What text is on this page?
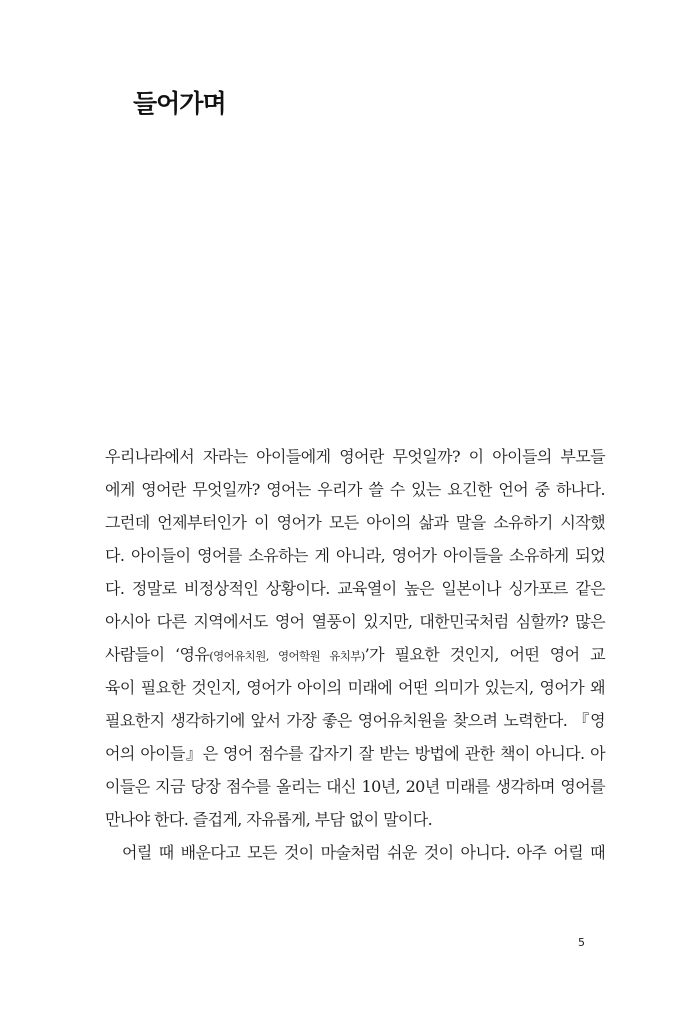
들어가며
우리나라에서 자라는 아이들에게 영어란 무엇일까? 이 아이들의 부모들
에게 영어란 무엇일까? 영어는 우리가 쓸 수 있는 요긴한 언어 중 하나다.
그런데 언제부터인가 이 영어가 모든 아이의 삶과 말을 소유하기 시작했
다. 아이들이 영어를 소유하는 게 아니라, 영어가 아이들을 소유하게 되었
다. 정말로 비정상적인 상황이다. 교육열이 높은 일본이나 싱가포르 같은
아시아 다른 지역에서도 영어 열풍이 있지만, 대한민국처럼 심할까? 많은
사람들이 ‘영유(영어유치원, 영어학원 유치부)’가 필요한 것인지, 어떤 영어 교
육이 필요한 것인지, 영어가 아이의 미래에 어떤 의미가 있는지, 영어가 왜
필요한지 생각하기에 앞서 가장 좋은 영어유치원을 찾으려 노력한다. 『영
어의 아이들』은 영어 점수를 갑자기 잘 받는 방법에 관한 책이 아니다. 아
이들은 지금 당장 점수를 올리는 대신 10년, 20년 미래를 생각하며 영어를
만나야 한다. 즐겁게, 자유롭게, 부담 없이 말이다.
어릴 때 배운다고 모든 것이 마술처럼 쉬운 것이 아니다. 아주 어릴 때
5
